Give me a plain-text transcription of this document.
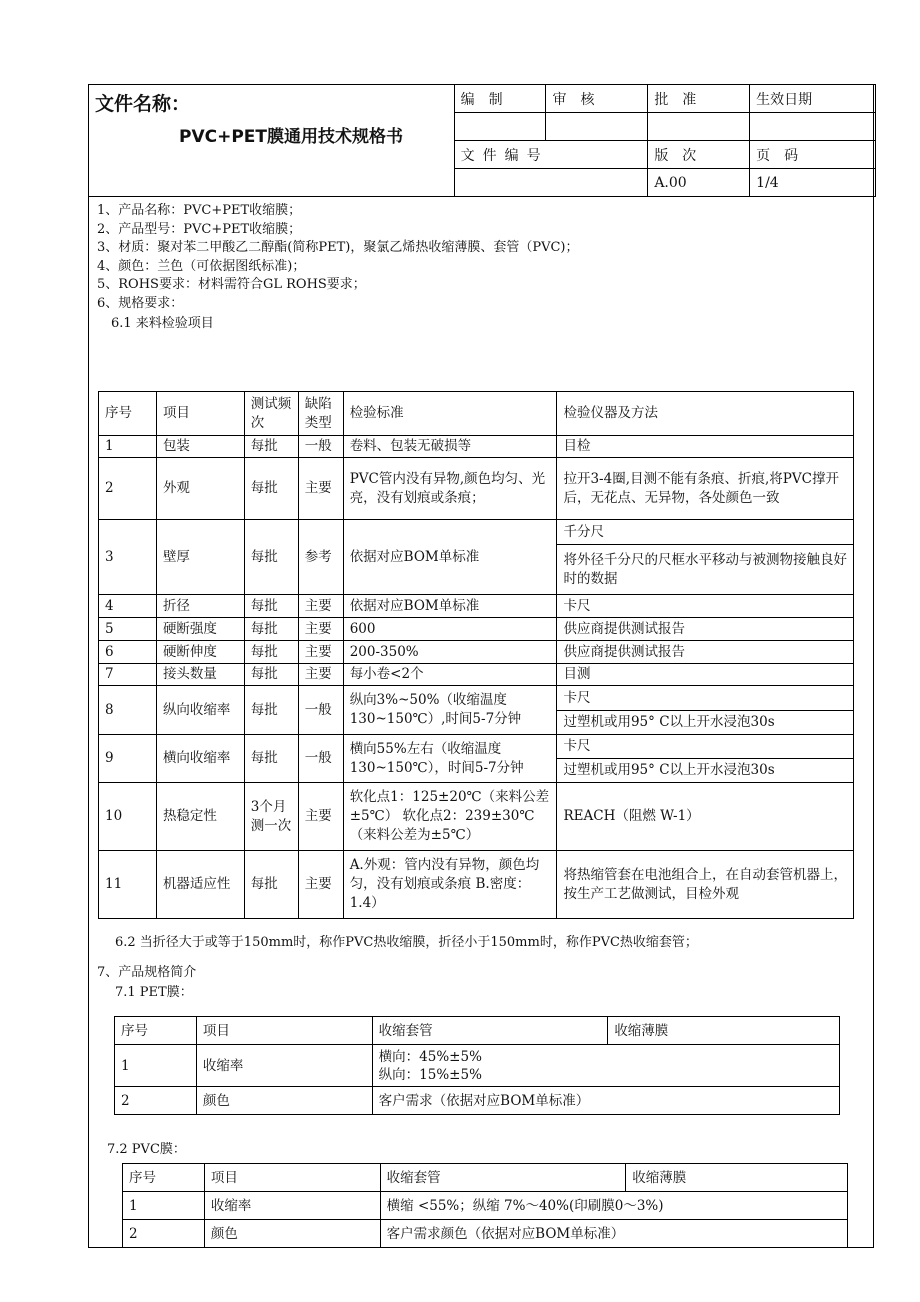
文件名称：
PVC+PET膜通用技术规格书	编　制	审　核	批　准	生效日期

	文件编号		版　次	页　码
			A.00	1/4
1、产品名称：PVC+PET收缩膜；
2、产品型号：PVC+PET收缩膜；
3、材质：聚对苯二甲酸乙二醇酯(简称PET)，聚氯乙烯热收缩薄膜、套管（PVC)；
4、颜色：兰色（可依据图纸标准)；
5、ROHS要求：材料需符合GL ROHS要求；
6、规格要求：
6.1 来料检验项目
序号	项目	测试频次	缺陷类型	检验标准	检验仪器及方法
1	包装	每批	一般	卷料、包装无破损等	目检
2	外观	每批	主要	PVC管内没有异物,颜色均匀、光亮，没有划痕或条痕；	拉开3-4圈,目测不能有条痕、折痕,将PVC撑开后，无花点、无异物，各处颜色一致
3	壁厚	每批	参考	依据对应BOM单标准	千分尺
					将外径千分尺的尺框水平移动与被测物接触良好时的数据
4	折径	每批	主要	依据对应BOM单标准	卡尺
5	硬断强度	每批	主要	600	供应商提供测试报告
6	硬断伸度	每批	主要	200-350%	供应商提供测试报告
7	接头数量	每批	主要	每小卷<2个	目测
8	纵向收缩率	每批	一般	纵向3%~50%（收缩温度130~150℃）,时间5-7分钟	卡尺
					过塑机或用95° C以上开水浸泡30s
9	横向收缩率	每批	一般	横向55%左右（收缩温度130~150℃），时间5-7分钟	卡尺
					过塑机或用95° C以上开水浸泡30s
10	热稳定性	3个月测一次	主要	软化点1：125±20℃（来料公差±5℃） 软化点2：239±30℃（来料公差为±5℃）	REACH（阻燃 W-1）
11	机器适应性	每批	主要	A.外观：管内没有异物，颜色均匀，没有划痕或条痕 B.密度：1.4）	将热缩管套在电池组合上，在自动套管机器上，按生产工艺做测试，目检外观
6.2 当折径大于或等于150mm时，称作PVC热收缩膜，折径小于150mm时，称作PVC热收缩套管；
7、产品规格简介
7.1 PET膜：
序号	项目	收缩套管	收缩薄膜
1	收缩率	横向：45%±5%
纵向：15%±5%	

2	颜色	客户需求（依据对应BOM单标准）	
7.2 PVC膜：
序号	项目	收缩套管	收缩薄膜
1	收缩率	横缩 <55%；纵缩 7%～40%(印刷膜0～3%)	
2	颜色	客户需求颜色（依据对应BOM单标准）	
